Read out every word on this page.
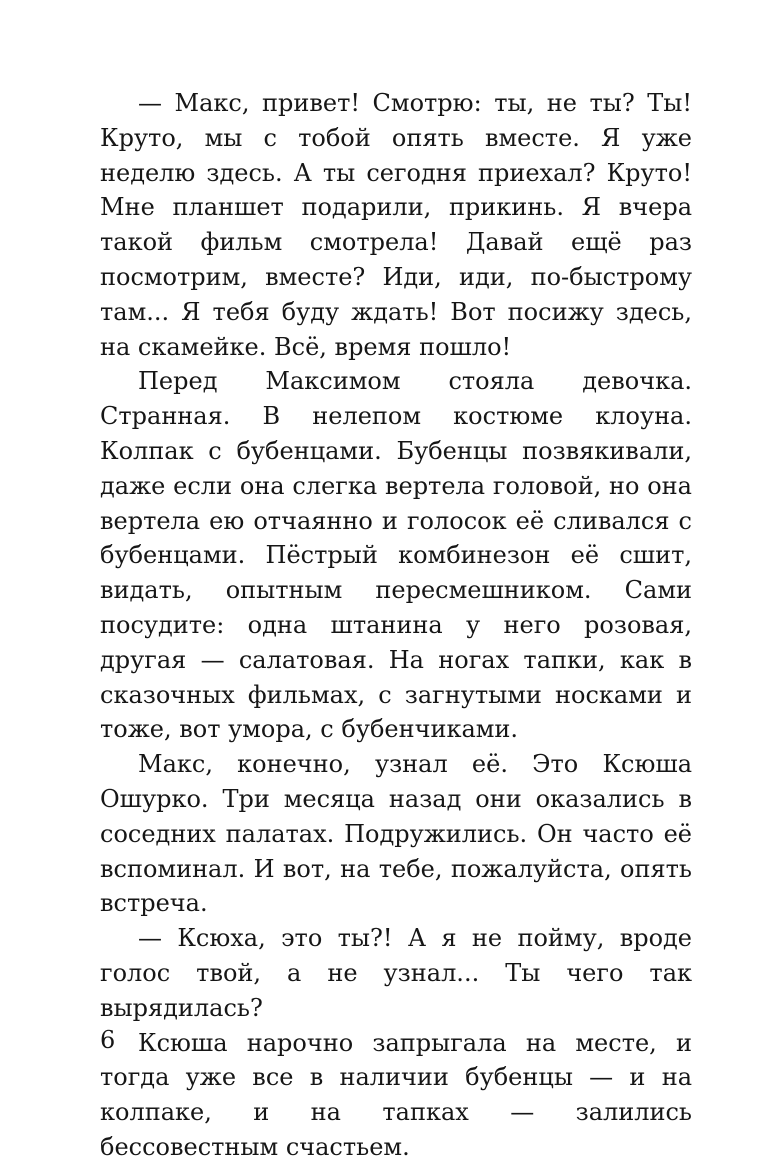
— Макс, привет! Смотрю: ты, не ты? Ты! Круто, мы с тобой опять вместе. Я уже неделю здесь. А ты сегодня приехал? Круто! Мне планшет подарили, прикинь. Я вчера такой фильм смотрела! Давай ещё раз посмотрим, вместе? Иди, иди, по-быстрому там... Я тебя буду ждать! Вот посижу здесь, на скамейке. Всё, время пошло!

Перед Максимом стояла девочка. Странная. В нелепом костюме клоуна. Колпак с бубенцами. Бубенцы позвякивали, даже если она слегка вертела головой, но она вертела ею отчаянно и голосок её сливался с бубенцами. Пёстрый комбинезон её сшит, видать, опытным пересмешником. Сами посудите: одна штанина у него розовая, другая — салатовая. На ногах тапки, как в сказочных фильмах, с загнутыми носками и тоже, вот умора, с бубенчиками.

Макс, конечно, узнал её. Это Ксюша Ошурко. Три месяца назад они оказались в соседних палатах. Подружились. Он часто её вспоминал. И вот, на тебе, пожалуйста, опять встреча.

— Ксюха, это ты?! А я не пойму, вроде голос твой, а не узнал... Ты чего так вырядилась?

Ксюша нарочно запрыгала на месте, и тогда уже все в наличии бубенцы — и на колпаке, и на тапках — залились бессовестным счастьем.

6
